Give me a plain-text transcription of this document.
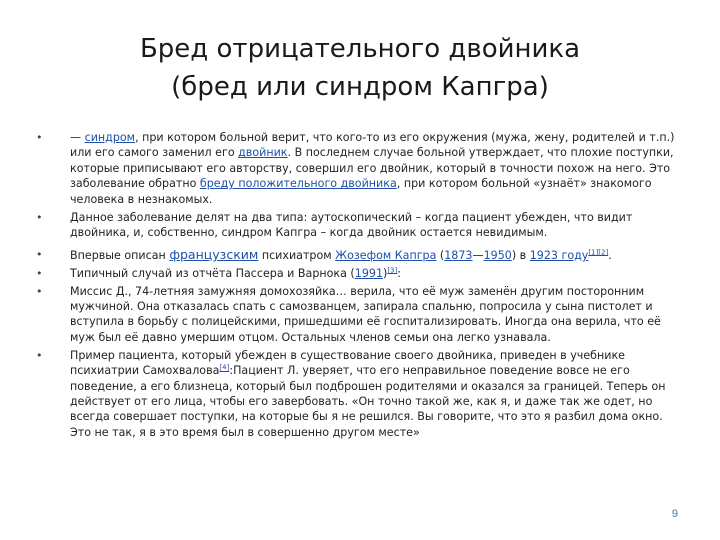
Бред отрицательного двойника
(бред или синдром Капгра)
•	— синдром, при котором больной верит, что кого-то из его окружения (мужа, жену, родителей и т.п.) или его самого заменил его двойник. В последнем случае больной утверждает, что плохие поступки, которые приписывают его авторству, совершил его двойник, который в точности похож на него. Это заболевание обратно бреду положительного двойника, при котором больной «узнаёт» знакомого человека в незнакомых.
•	Данное заболевание делят на два типа: аутоскопический – когда пациент убежден, что видит двойника, и, собственно, синдром Капгра – когда двойник остается невидимым.
•	Впервые описан французским психиатром Жозефом Капгра (1873—1950) в 1923 году[1][2].
•	Типичный случай из отчёта Пассера и Варнока (1991)[3]:
•	Миссис Д., 74-летняя замужняя домохозяйка… верила, что её муж заменён другим посторонним мужчиной. Она отказалась спать с самозванцем, запирала спальню, попросила у сына пистолет и вступила в борьбу с полицейскими, пришедшими её госпитализировать. Иногда она верила, что её муж был её давно умершим отцом. Остальных членов семьи она легко узнавала.
•	Пример пациента, который убежден в существование своего двойника, приведен в учебнике психиатрии Самохвалова[4]:Пациент Л. уверяет, что его неправильное поведение вовсе не его поведение, а его близнеца, который был подброшен родителями и оказался за границей. Теперь он действует от его лица, чтобы его завербовать. «Он точно такой же, как я, и даже так же одет, но всегда совершает поступки, на которые бы я не решился. Вы говорите, что это я разбил дома окно. Это не так, я в это время был в совершенно другом месте»
9
